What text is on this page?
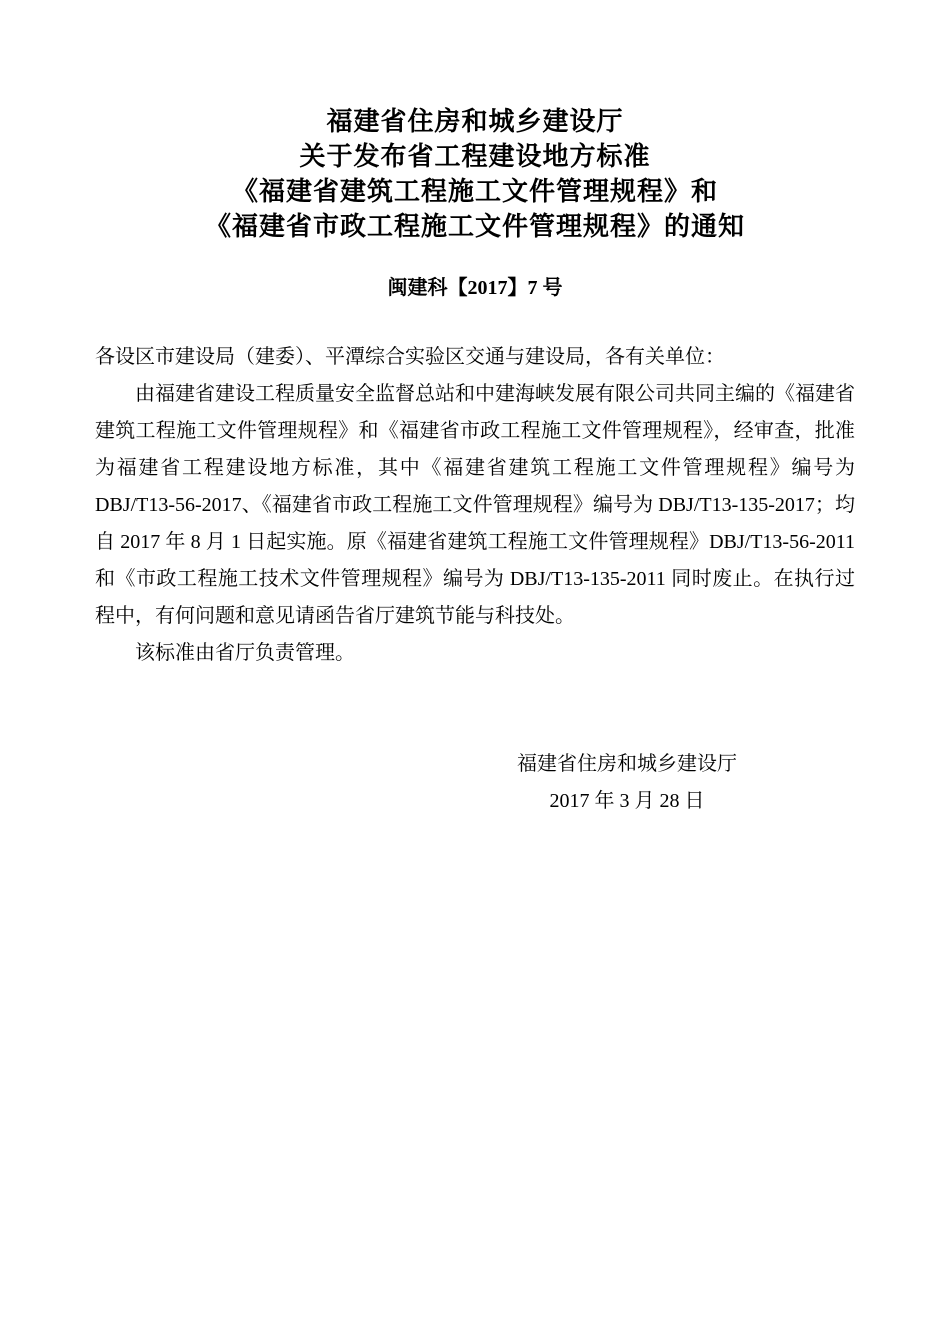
福建省住房和城乡建设厅
关于发布省工程建设地方标准
《福建省建筑工程施工文件管理规程》和
《福建省市政工程施工文件管理规程》的通知
闽建科【2017】7 号
各设区市建设局（建委）、平潭综合实验区交通与建设局，各有关单位：

由福建省建设工程质量安全监督总站和中建海峡发展有限公司共同主编的《福建省建筑工程施工文件管理规程》和《福建省市政工程施工文件管理规程》，经审查，批准为福建省工程建设地方标准，其中《福建省建筑工程施工文件管理规程》编号为 DBJ/T13-56-2017、《福建省市政工程施工文件管理规程》编号为 DBJ/T13-135-2017；均自 2017 年 8 月 1 日起实施。原《福建省建筑工程施工文件管理规程》DBJ/T13-56-2011 和《市政工程施工技术文件管理规程》编号为 DBJ/T13-135-2011 同时废止。在执行过程中，有何问题和意见请函告省厅建筑节能与科技处。

该标准由省厅负责管理。

福建省住房和城乡建设厅
2017 年 3 月 28 日
